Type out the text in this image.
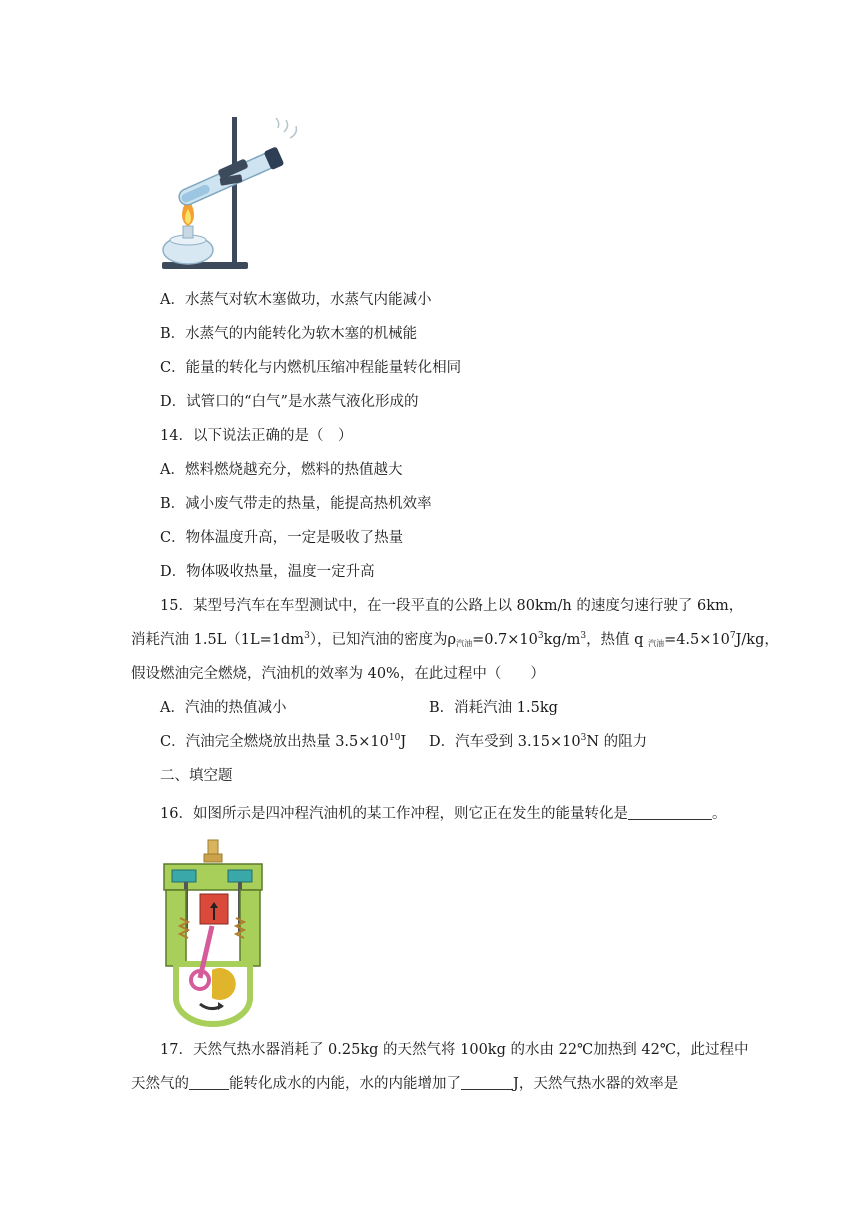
A．水蒸气对软木塞做功，水蒸气内能减小
B．水蒸气的内能转化为软木塞的机械能
C．能量的转化与内燃机压缩冲程能量转化相同
D．试管口的“白气”是水蒸气液化形成的
14．以下说法正确的是（　）
A．燃料燃烧越充分，燃料的热值越大
B．减小废气带走的热量，能提高热机效率
C．物体温度升高，一定是吸收了热量
D．物体吸收热量，温度一定升高
15．某型号汽车在车型测试中，在一段平直的公路上以 80km/h 的速度匀速行驶了 6km，
消耗汽油 $1.5L(1L=1dm^3)$，已知汽油的密度为$\rho_{汽油}=0.7\times 10^3kg/m^3$，热值 q $_{汽油}=4.5\times 10^7J/kg$，
假设燃油完全燃烧，汽油机的效率为 40%，在此过程中（　　）
A．汽油的热值减小	B．消耗汽油 1.5kg
C．汽油完全燃烧放出热量 $3.5\times 10^{10}J$ D．汽车受到 $3.15\times 10^3N$ 的阻力
二、填空题
16．如图所示是四冲程汽油机的某工作冲程，则它正在发生的能量转化是	。
17．天然气热水器消耗了 0.25kg 的天然气将 100kg 的水由 22℃加热到 42℃，此过程中
天然气的	能转化成水的内能，水的内能增加了	J，天然气热水器的效率是
